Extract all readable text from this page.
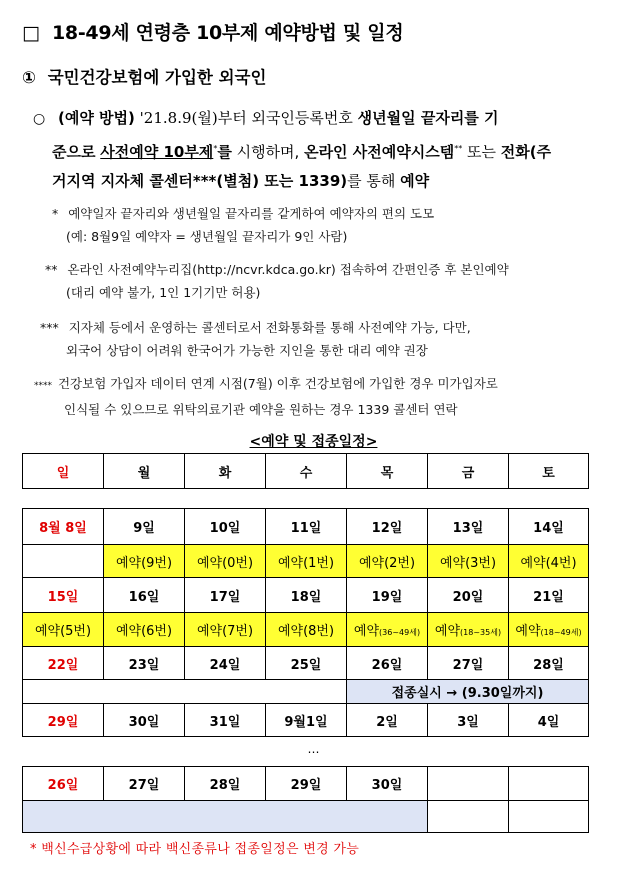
□ 18-49세 연령층 10부제 예약방법 및 일정
① 국민건강보험에 가입한 외국인
○ (예약 방법) '21.8.9(월)부터 외국인등록번호 생년월일 끝자리를 기
준으로 사전예약 10부제*를 시행하며, 온라인 사전예약시스템** 또는 전화(주
거지역 지자체 콜센터***(별첨) 또는 1339)를 통해 예약
* 예약일자 끝자리와 생년월일 끝자리를 같게하여 예약자의 편의 도모
(예: 8월9일 예약자 = 생년월일 끝자리가 9인 사람)
** 온라인 사전예약누리집(http://ncvr.kdca.go.kr) 접속하여 간편인증 후 본인예약
(대리 예약 불가, 1인 1기기만 허용)
*** 지자체 등에서 운영하는 콜센터로서 전화통화를 통해 사전예약 가능, 다만,
외국어 상담이 어려워 한국어가 가능한 지인을 통한 대리 예약 권장
**** 건강보험 가입자 데이터 연계 시점(7월) 이후 건강보험에 가입한 경우 미가입자로
인식될 수 있으므로 위탁의료기관 예약을 원하는 경우 1339 콜센터 연락
<예약 및 접종일정>
일	월	화	수	목	금	토
8월 8일	9일	10일	11일	12일	13일	14일
	예약(9번)	예약(0번)	예약(1번)	예약(2번)	예약(3번)	예약(4번)
15일	16일	17일	18일	19일	20일	21일
예약(5번)	예약(6번)	예약(7번)	예약(8번)	예약(36~49세)	예약(18~35세)	예약(18~49세)
22일	23일	24일	25일	26일	27일	28일
				접종실시 → (9.30일까지)		
29일	30일	31일	9월1일	2일	3일	4일
…
26일	27일	28일	29일	30일		

* 백신수급상황에 따라 백신종류나 접종일정은 변경 가능
